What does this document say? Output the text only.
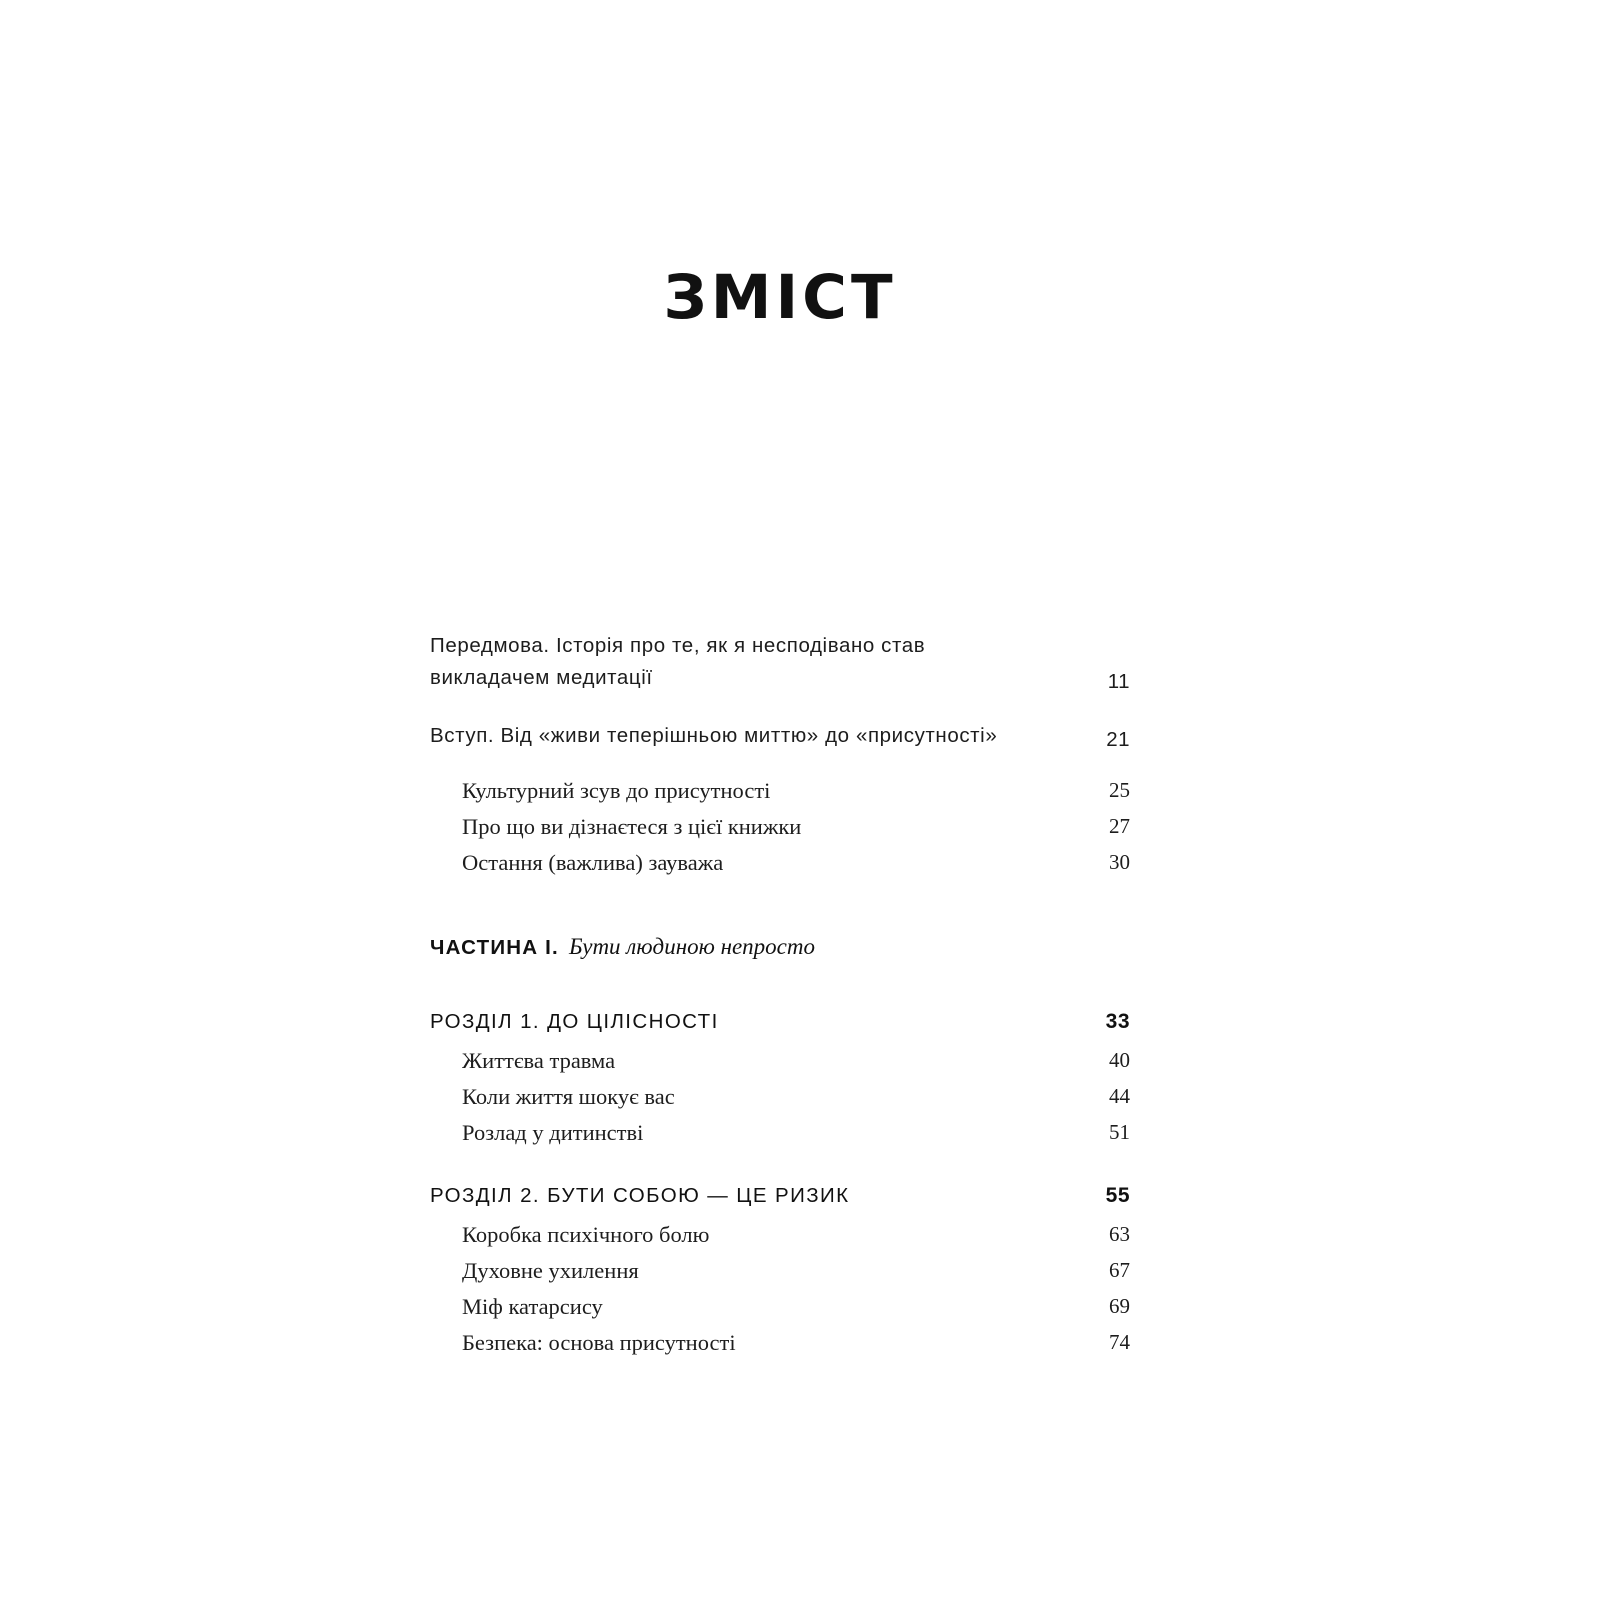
ЗМІСТ
Передмова. Історія про те, як я несподівано став викладачем медитації	11
Вступ. Від «живи теперішньою миттю» до «присутності»	21
Культурний зсув до присутності	25
Про що ви дізнаєтеся з цієї книжки	27
Остання (важлива) зауважа	30
ЧАСТИНА I. Бути людиною непросто
РОЗДІЛ 1. ДО ЦІЛІСНОСТІ	33
Життєва травма	40
Коли життя шокує вас	44
Розлад у дитинстві	51
РОЗДІЛ 2. БУТИ СОБОЮ — ЦЕ РИЗИК	55
Коробка психічного болю	63
Духовне ухилення	67
Міф катарсису	69
Безпека: основа присутності	74
